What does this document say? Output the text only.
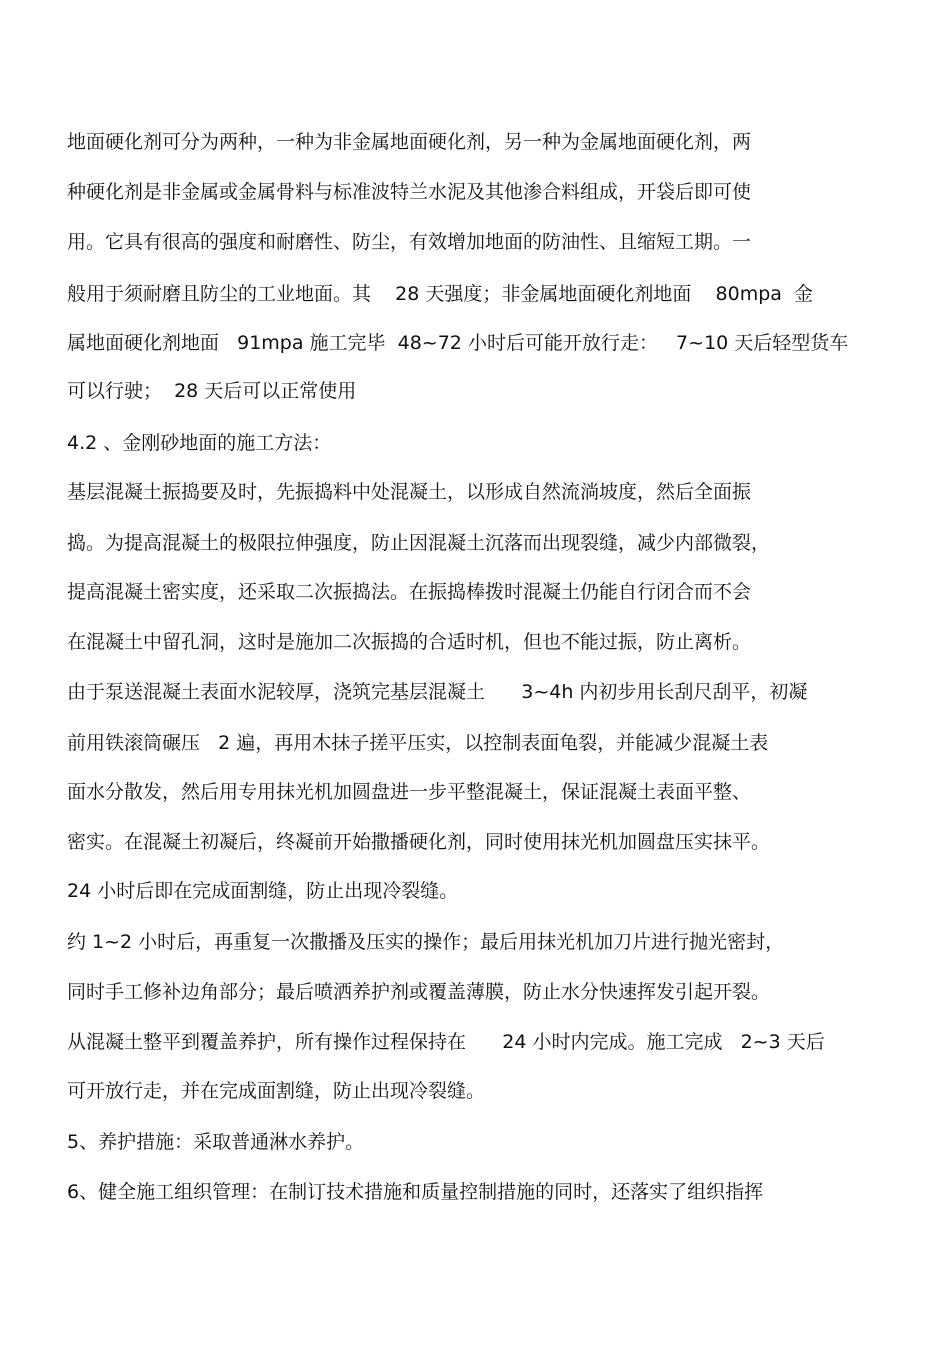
地面硬化剂可分为两种，一种为非金属地面硬化剂，另一种为金属地面硬化剂，两
种硬化剂是非金属或金属骨料与标准波特兰水泥及其他渗合料组成，开袋后即可使
用。它具有很高的强度和耐磨性、防尘，有效增加地面的防油性、且缩短工期。一
般用于须耐磨且防尘的工业地面。其    28 天强度；非金属地面硬化剂地面    80mpa  金
属地面硬化剂地面   91mpa 施工完毕  48~72 小时后可能开放行走：   7~10 天后轻型货车
可以行驶；  28 天后可以正常使用
4.2 、金刚砂地面的施工方法：
基层混凝土振捣要及时，先振捣料中处混凝土，以形成自然流淌坡度，然后全面振
捣。为提高混凝土的极限拉伸强度，防止因混凝土沉落而出现裂缝，减少内部微裂，
提高混凝土密实度，还采取二次振捣法。在振捣棒拨时混凝土仍能自行闭合而不会
在混凝土中留孔洞，这时是施加二次振捣的合适时机，但也不能过振，防止离析。
由于泵送混凝土表面水泥较厚，浇筑完基层混凝土      3~4h 内初步用长刮尺刮平，初凝
前用铁滚筒碾压   2 遍，再用木抹子搓平压实，以控制表面龟裂，并能减少混凝土表
面水分散发，然后用专用抹光机加圆盘进一步平整混凝土，保证混凝土表面平整、
密实。在混凝土初凝后，终凝前开始撒播硬化剂，同时使用抹光机加圆盘压实抹平。
24 小时后即在完成面割缝，防止出现冷裂缝。
约 1~2 小时后，再重复一次撒播及压实的操作；最后用抹光机加刀片进行抛光密封，
同时手工修补边角部分；最后喷洒养护剂或覆盖薄膜，防止水分快速挥发引起开裂。
从混凝土整平到覆盖养护，所有操作过程保持在      24 小时内完成。施工完成   2~3 天后
可开放行走，并在完成面割缝，防止出现冷裂缝。
5、养护措施：采取普通淋水养护。
6、健全施工组织管理：在制订技术措施和质量控制措施的同时，还落实了组织指挥
